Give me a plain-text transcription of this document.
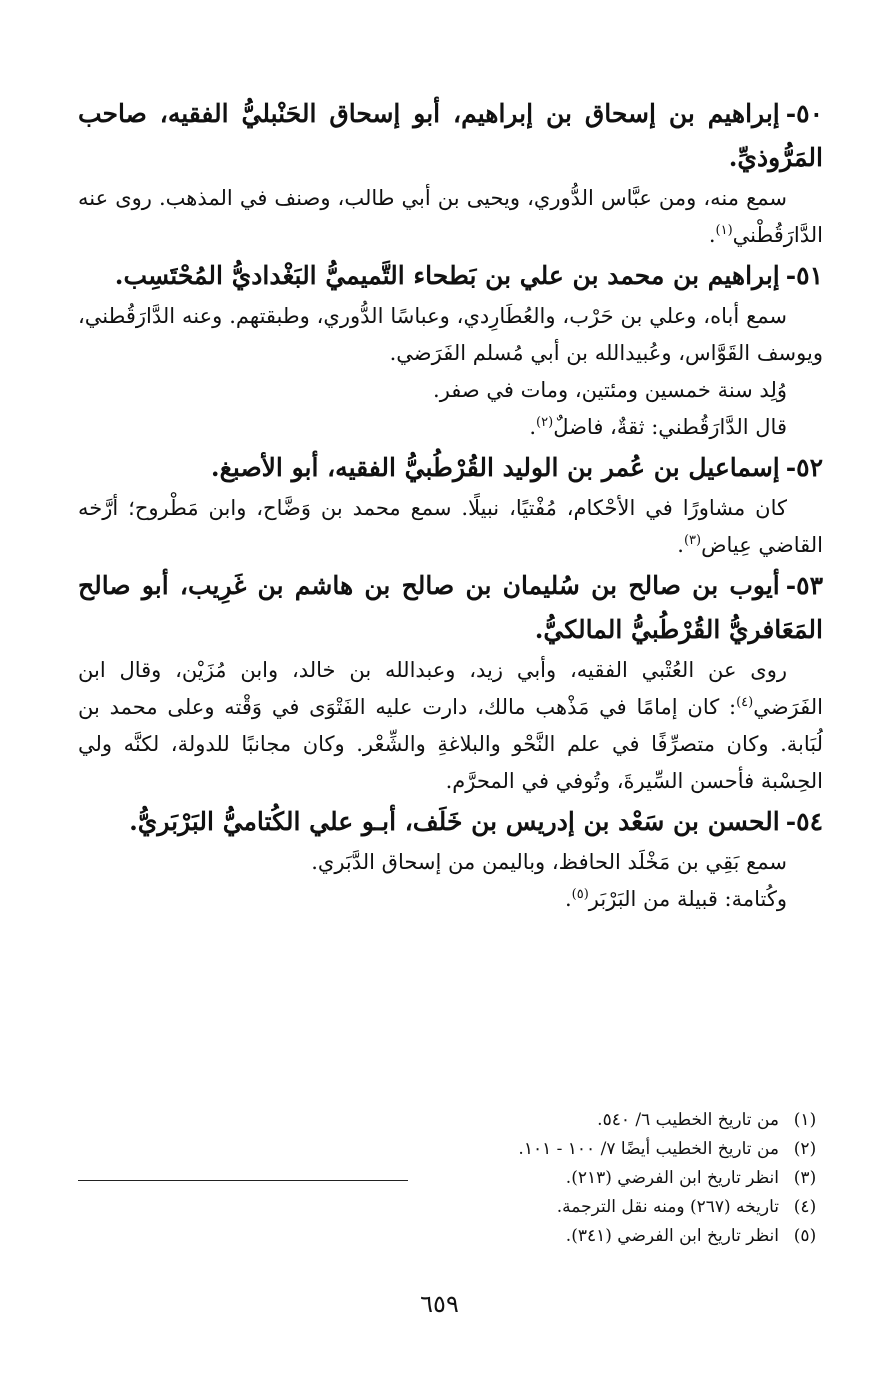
٥٠-إبراهيم بن إسحاق بن إبراهيم، أبو إسحاق الحَنْبليُّ الفقيه، صاحب المَرُّوذيِّ.
سمع منه، ومن عبَّاس الدُّوري، ويحيى بن أبي طالب، وصنف في المذهب. روى عنه الدَّارَقُطْني$^{(١)}$.
٥١-إبراهيم بن محمد بن علي بن بَطحاء التَّميميُّ البَغْداديُّ المُحْتَسِب.
سمع أباه، وعلي بن حَرْب، والعُطَارِدي، وعباسًا الدُّوري، وطبقتهم. وعنه الدَّارَقُطني، ويوسف القَوَّاس، وعُبيدالله بن أبي مُسلم الفَرَضي.
وُلِد سنة خمسين ومئتين، ومات في صفر.
قال الدَّارَقُطني: ثقةٌ، فاضلٌ$^{(٢)}$.
٥٢-إسماعيل بن عُمر بن الوليد القُرْطُبيُّ الفقيه، أبو الأصبغ.
كان مشاورًا في الأحْكام، مُفْتيًا، نبيلًا. سمع محمد بن وَضَّاح، وابن مَطْروح؛ أرَّخه القاضي عِياض$^{(٣)}$.
٥٣-أيوب بن صالح بن سُليمان بن صالح بن هاشم بن غَرِيب، أبو صالح المَعَافريُّ القُرْطُبيُّ المالكيُّ.
روى عن العُتْبي الفقيه، وأبي زيد، وعبدالله بن خالد، وابن مُزَيْن، وقال ابن الفَرَضي$^{(٤)}$: كان إمامًا في مَذْهب مالك، دارت عليه الفَتْوَى في وَقْته وعلى محمد بن لُبَابة. وكان متصرِّفًا في علم النَّحْو والبلاغةِ والشِّعْر. وكان مجانبًا للدولة، لكنَّه ولي الحِسْبة فأحسن السِّيرةَ، وتُوفي في المحرَّم.
٥٤-الحسن بن سَعْد بن إدريس بن خَلَف، أبـو علي الكُتاميُّ البَرْبَريُّ.
سمع بَقِي بن مَخْلَد الحافظ، وباليمن من إسحاق الدَّبَري.
وكُتامة: قبيلة من البَرْبَر$^{(٥)}$.
(١)من تاريخ الخطيب ٦/ ٥٤٠.
(٢)من تاريخ الخطيب أيضًا ٧/ ١٠٠ - ١٠١.
(٣)انظر تاريخ ابن الفرضي (٢١٣).
(٤)تاريخه (٢٦٧) ومنه نقل الترجمة.
(٥)انظر تاريخ ابن الفرضي (٣٤١).
٦٥٩
